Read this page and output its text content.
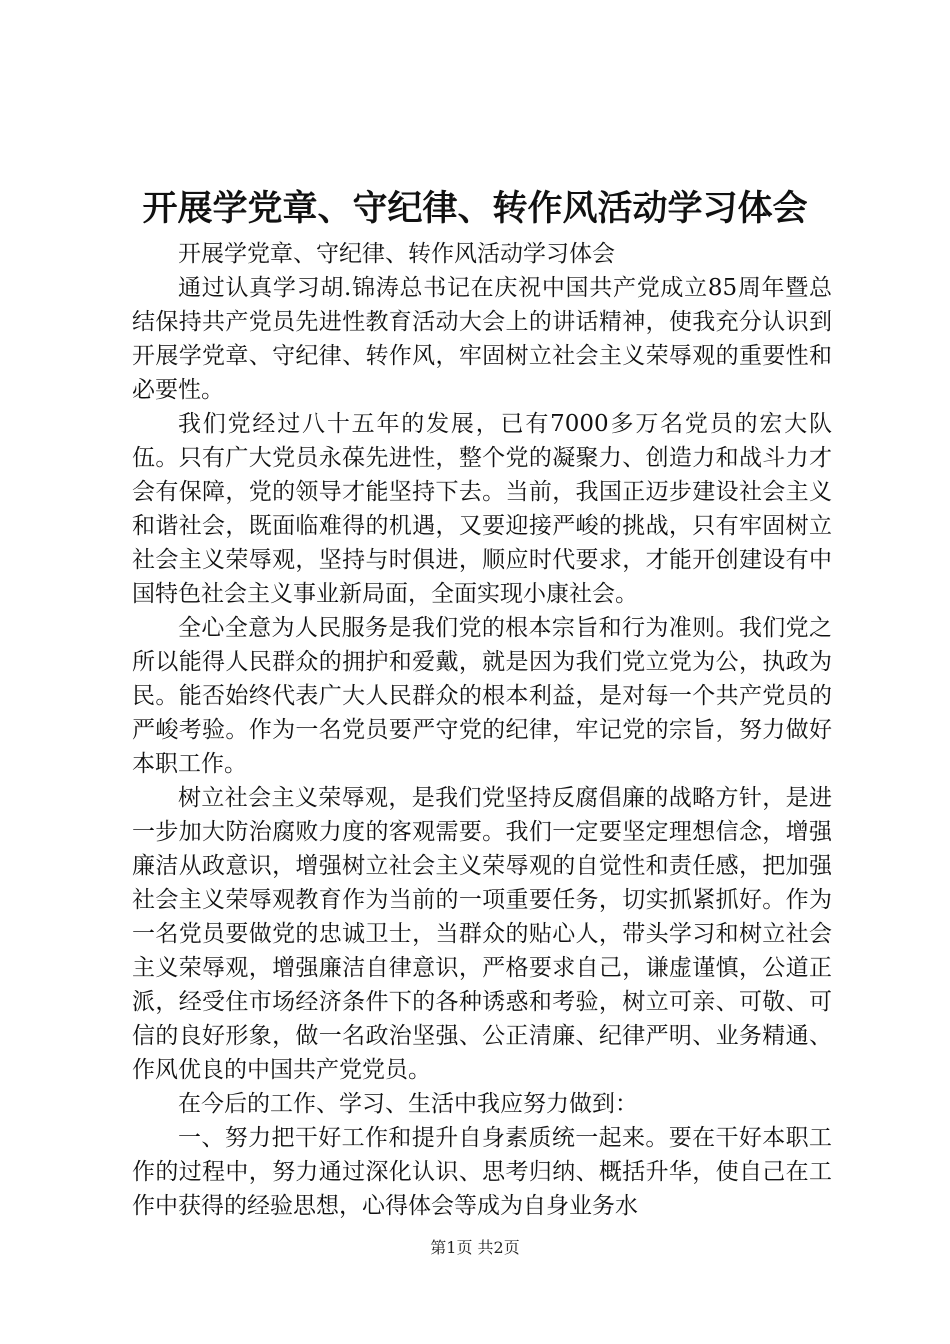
开展学党章、守纪律、转作风活动学习体会

开展学党章、守纪律、转作风活动学习体会

通过认真学习胡.锦涛总书记在庆祝中国共产党成立85周年暨总结保持共产党员先进性教育活动大会上的讲话精神，使我充分认识到开展学党章、守纪律、转作风，牢固树立社会主义荣辱观的重要性和必要性。

我们党经过八十五年的发展，已有7000多万名党员的宏大队伍。只有广大党员永葆先进性，整个党的凝聚力、创造力和战斗力才会有保障，党的领导才能坚持下去。当前，我国正迈步建设社会主义和谐社会，既面临难得的机遇，又要迎接严峻的挑战，只有牢固树立社会主义荣辱观，坚持与时俱进，顺应时代要求，才能开创建设有中国特色社会主义事业新局面，全面实现小康社会。

全心全意为人民服务是我们党的根本宗旨和行为准则。我们党之所以能得人民群众的拥护和爱戴，就是因为我们党立党为公，执政为民。能否始终代表广大人民群众的根本利益，是对每一个共产党员的严峻考验。作为一名党员要严守党的纪律，牢记党的宗旨，努力做好本职工作。

树立社会主义荣辱观，是我们党坚持反腐倡廉的战略方针，是进一步加大防治腐败力度的客观需要。我们一定要坚定理想信念，增强廉洁从政意识，增强树立社会主义荣辱观的自觉性和责任感，把加强社会主义荣辱观教育作为当前的一项重要任务，切实抓紧抓好。作为一名党员要做党的忠诚卫士，当群众的贴心人，带头学习和树立社会主义荣辱观，增强廉洁自律意识，严格要求自己，谦虚谨慎，公道正派，经受住市场经济条件下的各种诱惑和考验，树立可亲、可敬、可信的良好形象，做一名政治坚强、公正清廉、纪律严明、业务精通、作风优良的中国共产党党员。

在今后的工作、学习、生活中我应努力做到：

一、努力把干好工作和提升自身素质统一起来。要在干好本职工作的过程中，努力通过深化认识、思考归纳、概括升华，使自己在工作中获得的经验思想，心得体会等成为自身业务水

第1页 共2页
